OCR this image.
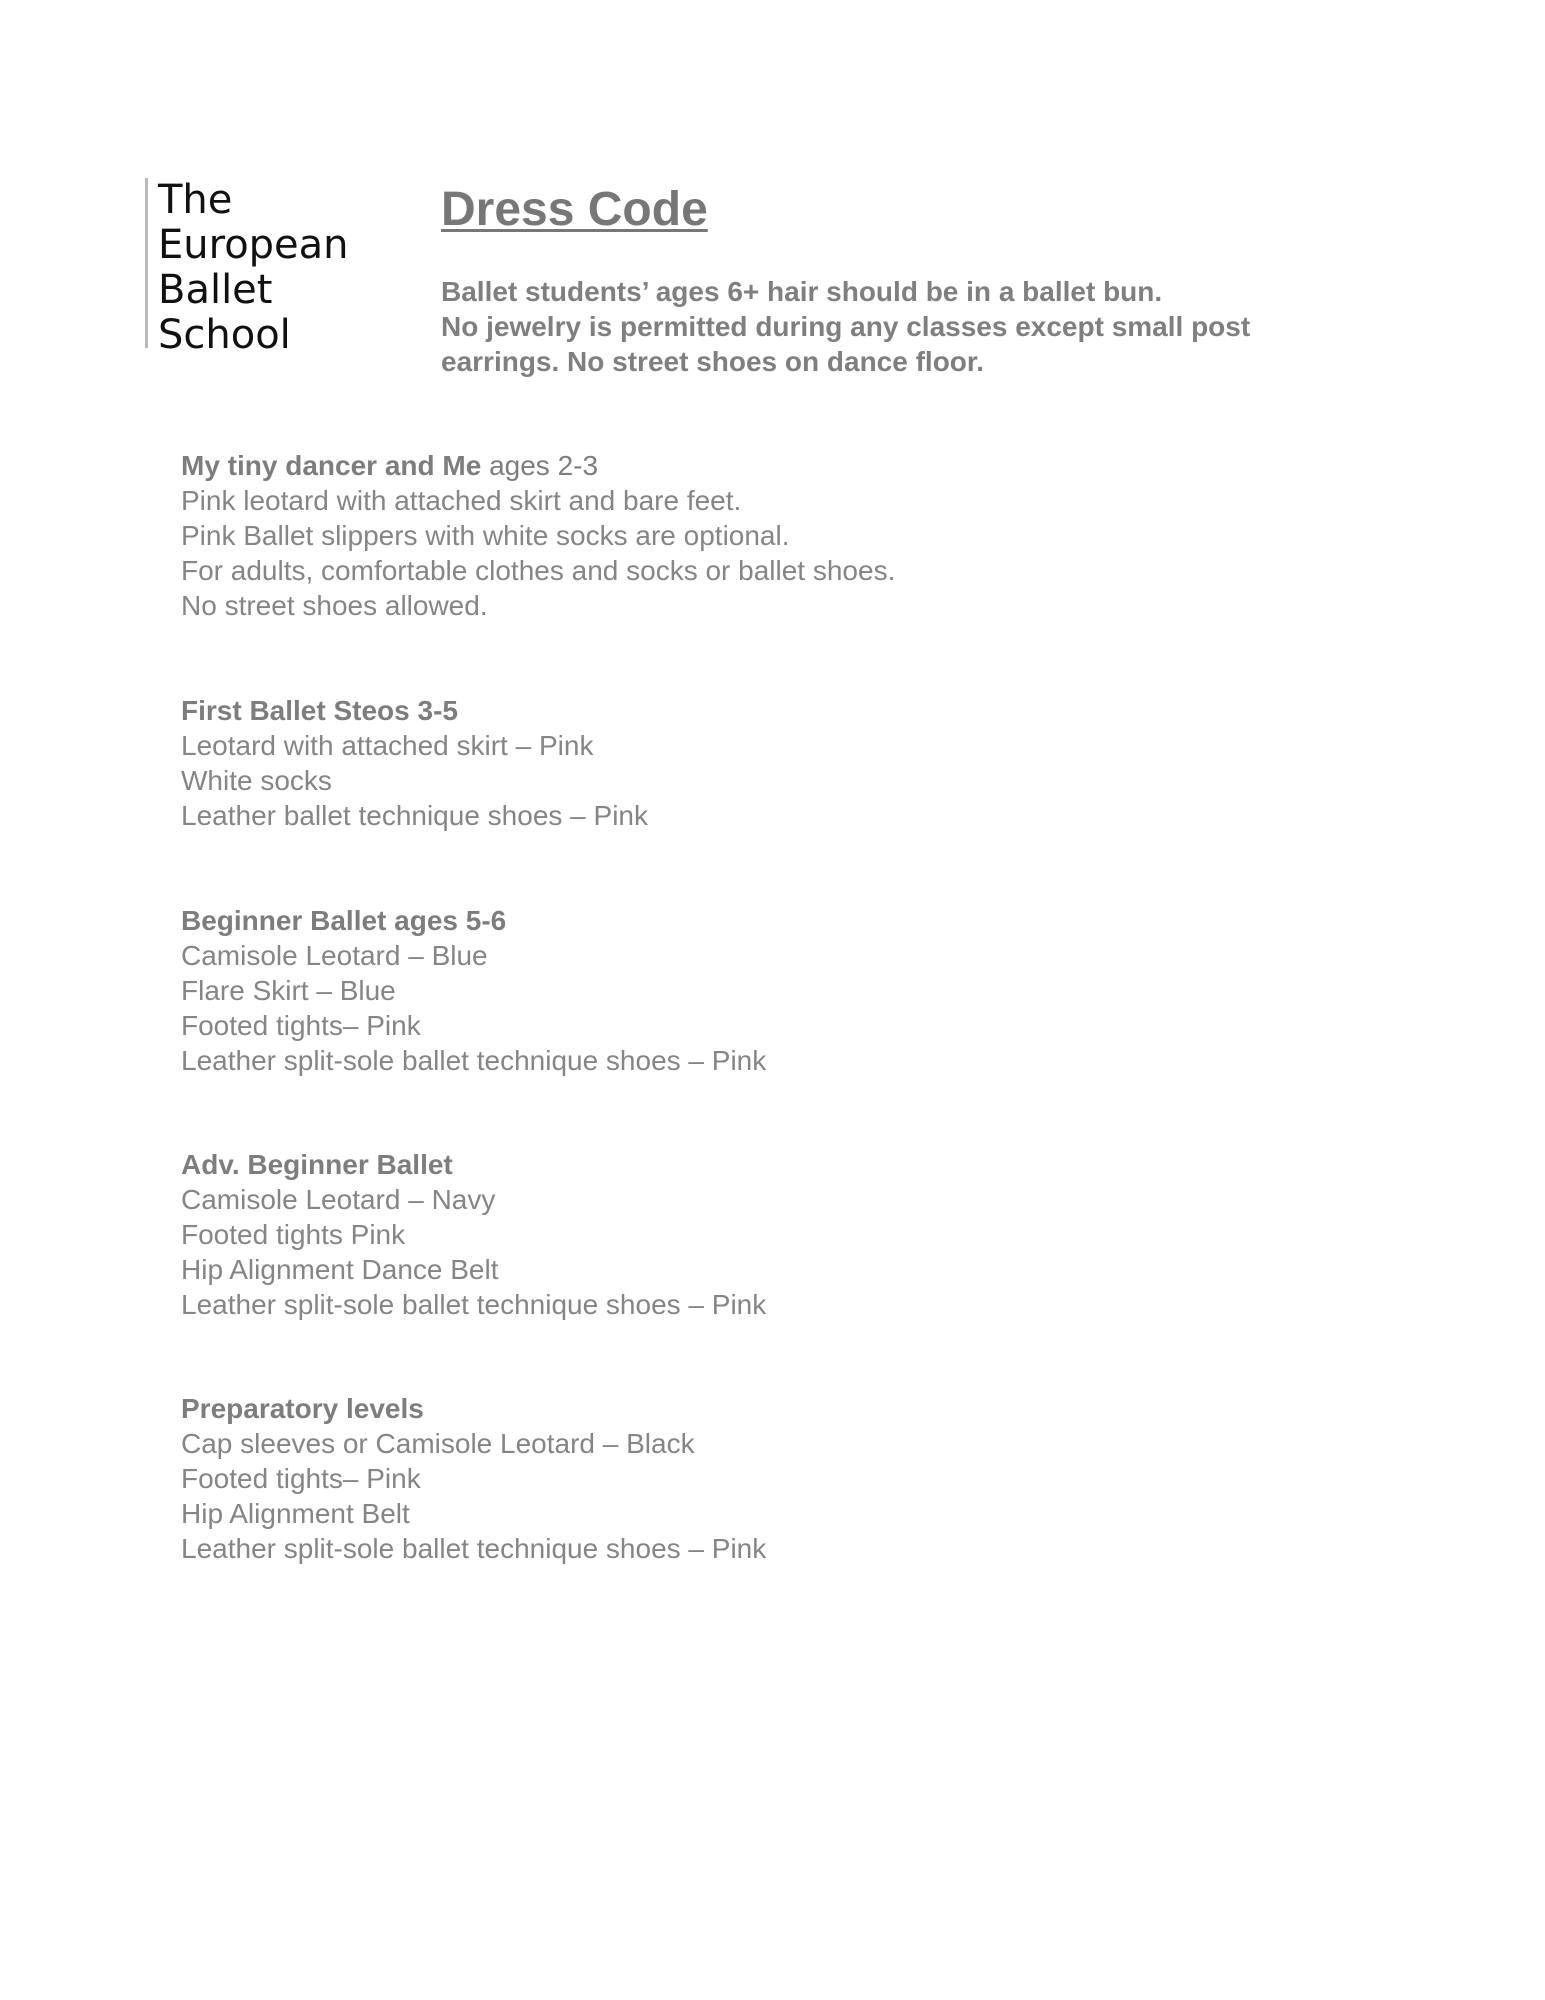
The
European
Ballet
School
Dress Code
Ballet students’ ages 6+ hair should be in a ballet bun.
No jewelry is permitted during any classes except small post
earrings. No street shoes on dance floor.
My tiny dancer and Me ages 2-3
Pink leotard with attached skirt and bare feet.
Pink Ballet slippers with white socks are optional.
For adults, comfortable clothes and socks or ballet shoes.
No street shoes allowed.
First Ballet Steos 3-5
Leotard with attached skirt – Pink
White socks
Leather ballet technique shoes – Pink
Beginner Ballet ages 5-6
Camisole Leotard – Blue
Flare Skirt – Blue
Footed tights– Pink
Leather split-sole ballet technique shoes – Pink
Adv. Beginner Ballet
Camisole Leotard – Navy
Footed tights Pink
Hip Alignment Dance Belt
Leather split-sole ballet technique shoes – Pink
Preparatory levels
Cap sleeves or Camisole Leotard – Black
Footed tights– Pink
Hip Alignment Belt
Leather split-sole ballet technique shoes – Pink
